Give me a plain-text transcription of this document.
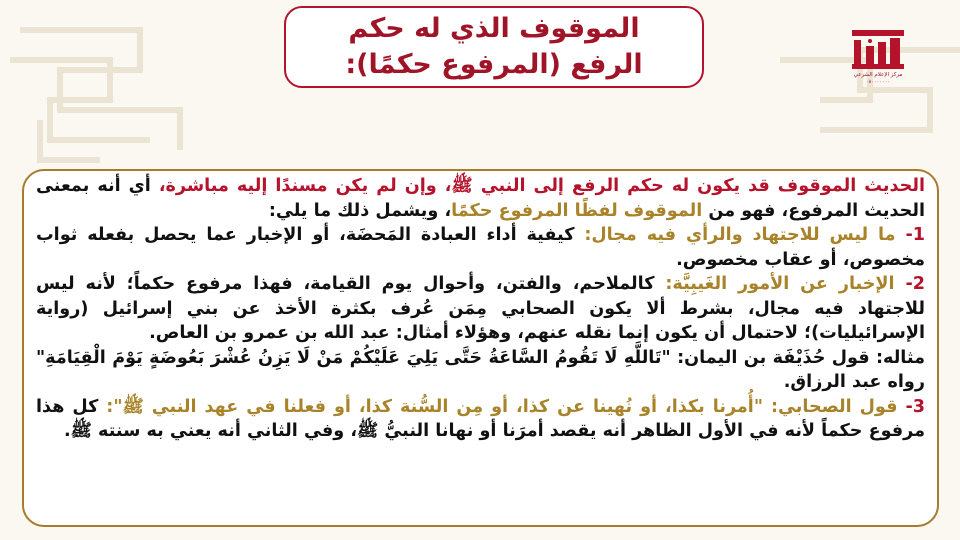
الموقوف الذي له حكم
الرفع (المرفوع حكمًا):	مركز الإعلام الشرعي
٠٨٠٠٠٠٠٠٠

الحديث الموقوف قد يكون له حكم الرفع إلى النبي ﷺ، وإن لم يكن مسندًا إليه مباشرة، أي أنه بمعنى الحديث المرفوع، فهو من الموقوف لفظًا المرفوع حكمًا، ويشمل ذلك ما يلي:

1- ما ليس للاجتهاد والرأي فيه مجال: كيفية أداء العبادة المَحضَة، أو الإخبار عما يحصل بفعله ثواب مخصوص، أو عقاب مخصوص.

2- الإخبار عن الأمور الغَيبِيَّة: كالملاحم، والفتن، وأحوال يوم القيامة، فهذا مرفوع حكماً؛ لأنه ليس للاجتهاد فيه مجال، بشرط ألا يكون الصحابي مِمَن عُرف بكثرة الأخذ عن بني إسرائيل (رواية الإسرائيليات)؛ لاحتمال أن يكون إنما نقله عنهم، وهؤلاء أمثال: عبد الله بن عمرو بن العاص.

مثاله: قول حُذَيْفَة بن اليمان: "تَاللَّهِ لَا تَقُومُ السَّاعَةُ حَتَّى يَلِيَ عَلَيْكُمْ مَنْ لَا يَزِنُ عُشْرَ بَعُوضَةٍ يَوْمَ الْقِيَامَةِ" رواه عبد الرزاق.

3- قول الصحابي: "أُمرنا بكذا، أو نُهينا عن كذا، أو مِن السُّنة كذا، أو فعلنا في عهد النبي ﷺ": كل هذا مرفوع حكماً لأنه في الأول الظاهر أنه يقصد أمرَنا أو نهانا النبيُّ ﷺ، وفي الثاني أنه يعني به سنته ﷺ.
